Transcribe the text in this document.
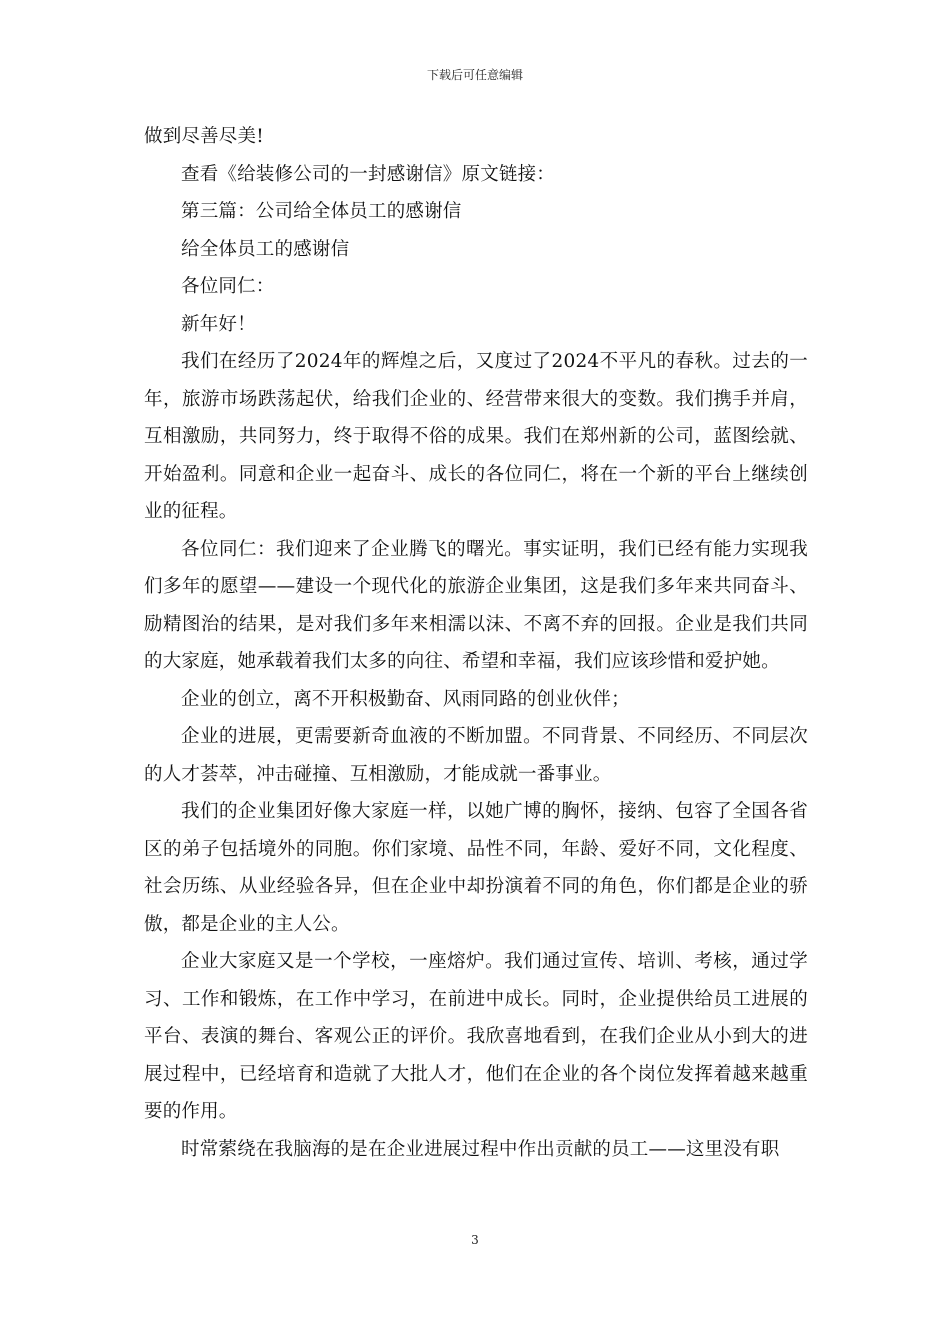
下载后可任意编辑

做到尽善尽美!

查看《给装修公司的一封感谢信》原文链接：

第三篇：公司给全体员工的感谢信

给全体员工的感谢信

各位同仁：

新年好！

我们在经历了2024年的辉煌之后，又度过了2024不平凡的春秋。过去的一年，旅游市场跌荡起伏，给我们企业的、经营带来很大的变数。我们携手并肩，互相激励，共同努力，终于取得不俗的成果。我们在郑州新的公司，蓝图绘就、开始盈利。同意和企业一起奋斗、成长的各位同仁，将在一个新的平台上继续创业的征程。

各位同仁：我们迎来了企业腾飞的曙光。事实证明，我们已经有能力实现我们多年的愿望——建设一个现代化的旅游企业集团，这是我们多年来共同奋斗、励精图治的结果，是对我们多年来相濡以沫、不离不弃的回报。企业是我们共同的大家庭，她承载着我们太多的向往、希望和幸福，我们应该珍惜和爱护她。

企业的创立，离不开积极勤奋、风雨同路的创业伙伴；

企业的进展，更需要新奇血液的不断加盟。不同背景、不同经历、不同层次的人才荟萃，冲击碰撞、互相激励，才能成就一番事业。

我们的企业集团好像大家庭一样，以她广博的胸怀，接纳、包容了全国各省区的弟子包括境外的同胞。你们家境、品性不同，年龄、爱好不同，文化程度、社会历练、从业经验各异，但在企业中却扮演着不同的角色，你们都是企业的骄傲，都是企业的主人公。

企业大家庭又是一个学校，一座熔炉。我们通过宣传、培训、考核，通过学习、工作和锻炼，在工作中学习，在前进中成长。同时，企业提供给员工进展的平台、表演的舞台、客观公正的评价。我欣喜地看到，在我们企业从小到大的进展过程中，已经培育和造就了大批人才，他们在企业的各个岗位发挥着越来越重要的作用。

时常萦绕在我脑海的是在企业进展过程中作出贡献的员工——这里没有职

3
